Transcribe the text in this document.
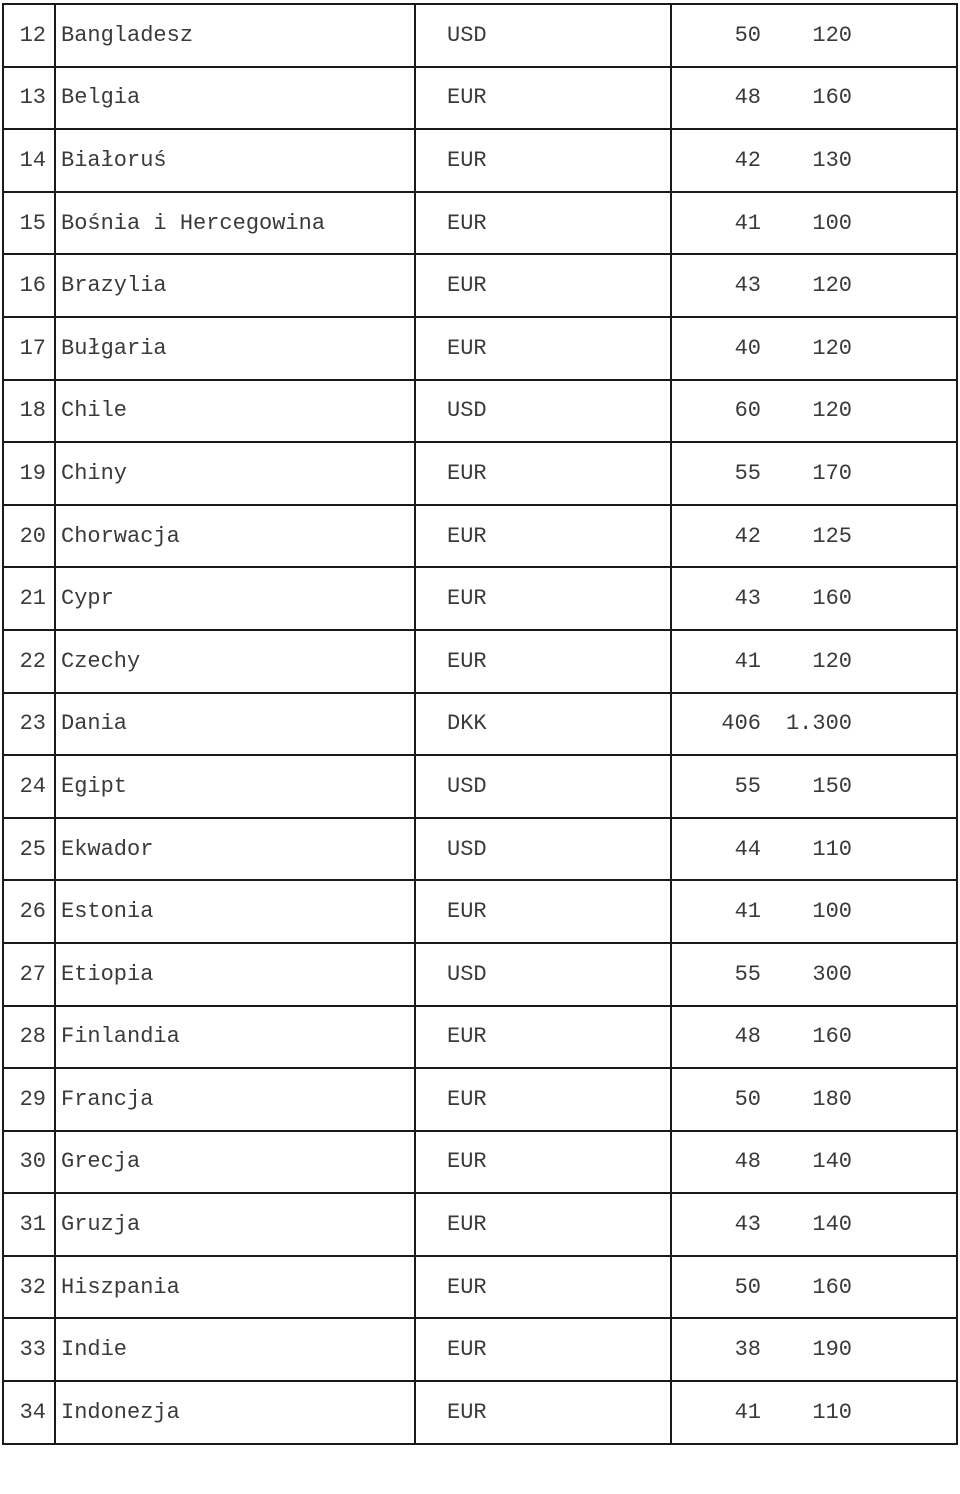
12	Bangladesz	USD	50	120
13	Belgia	EUR	48	160
14	Białoruś	EUR	42	130
15	Bośnia i Hercegowina	EUR	41	100
16	Brazylia	EUR	43	120
17	Bułgaria	EUR	40	120
18	Chile	USD	60	120
19	Chiny	EUR	55	170
20	Chorwacja	EUR	42	125
21	Cypr	EUR	43	160
22	Czechy	EUR	41	120
23	Dania	DKK	406	1.300
24	Egipt	USD	55	150
25	Ekwador	USD	44	110
26	Estonia	EUR	41	100
27	Etiopia	USD	55	300
28	Finlandia	EUR	48	160
29	Francja	EUR	50	180
30	Grecja	EUR	48	140
31	Gruzja	EUR	43	140
32	Hiszpania	EUR	50	160
33	Indie	EUR	38	190
34	Indonezja	EUR	41	110
